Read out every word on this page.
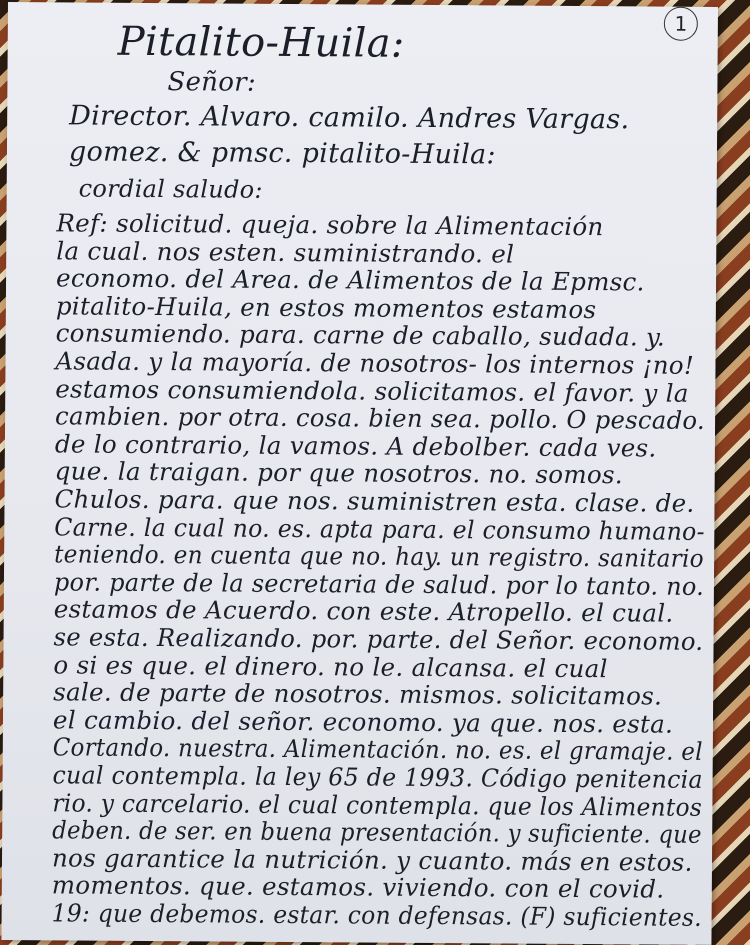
1
Pitalito-Huila:
Señor:
Director. Alvaro. camilo. Andres Vargas.
gomez. & pmsc. pitalito-Huila:
cordial saludo:
Ref: solicitud. queja. sobre la Alimentación
la cual. nos esten. suministrando. el
economo. del Area. de Alimentos de la Epmsc.
pitalito-Huila, en estos momentos estamos
consumiendo. para. carne de caballo, sudada. y.
Asada. y la mayoría. de nosotros- los internos ¡no!
estamos consumiendola. solicitamos. el favor. y la
cambien. por otra. cosa. bien sea. pollo. O pescado.
de lo contrario, la vamos. A debolber. cada ves.
que. la traigan. por que nosotros. no. somos.
Chulos. para. que nos. suministren esta. clase. de.
Carne. la cual no. es. apta para. el consumo humano-
teniendo. en cuenta que no. hay. un registro. sanitario
por. parte de la secretaria de salud. por lo tanto. no.
estamos de Acuerdo. con este. Atropello. el cual.
se esta. Realizando. por. parte. del Señor. economo.
o si es que. el dinero. no le. alcansa. el cual
sale. de parte de nosotros. mismos. solicitamos.
el cambio. del señor. economo. ya que. nos. esta.
Cortando. nuestra. Alimentación. no. es. el gramaje. el
cual contempla. la ley 65 de 1993. Código penitencia
rio. y carcelario. el cual contempla. que los Alimentos
deben. de ser. en buena presentación. y suficiente. que
nos garantice la nutrición. y cuanto. más en estos.
momentos. que. estamos. viviendo. con el covid.
19: que debemos. estar. con defensas. (F) suficientes.
